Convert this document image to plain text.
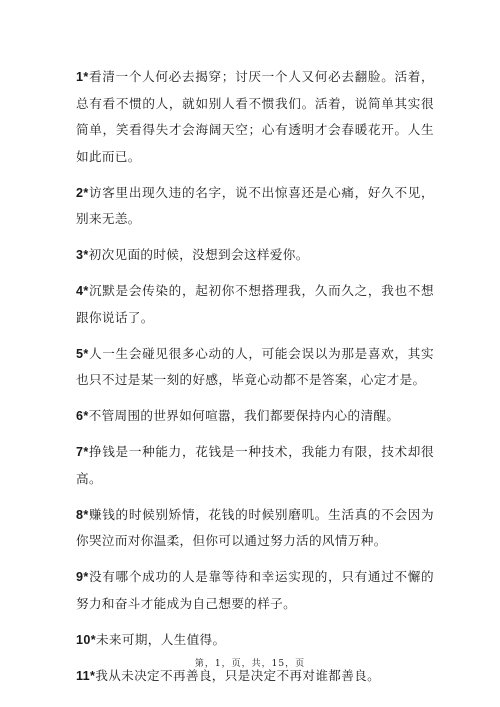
1*看清一个人何必去揭穿；讨厌一个人又何必去翻脸。活着，总有看不惯的人，就如别人看不惯我们。活着，说简单其实很简单，笑看得失才会海阔天空；心有透明才会春暖花开。人生如此而已。

2*访客里出现久违的名字，说不出惊喜还是心痛，好久不见，别来无恙。

3*初次见面的时候，没想到会这样爱你。

4*沉默是会传染的，起初你不想搭理我，久而久之，我也不想跟你说话了。

5*人一生会碰见很多心动的人，可能会误以为那是喜欢，其实也只不过是某一刻的好感，毕竟心动都不是答案，心定才是。

6*不管周围的世界如何喧嚣，我们都要保持内心的清醒。

7*挣钱是一种能力，花钱是一种技术，我能力有限，技术却很高。

8*赚钱的时候别矫情，花钱的时候别磨叽。生活真的不会因为你哭泣而对你温柔，但你可以通过努力活的风情万种。

9*没有哪个成功的人是靠等待和幸运实现的，只有通过不懈的努力和奋斗才能成为自己想要的样子。

10*未来可期，人生值得。

11*我从未决定不再善良，只是决定不再对谁都善良。

第，1，页，共，15，页
